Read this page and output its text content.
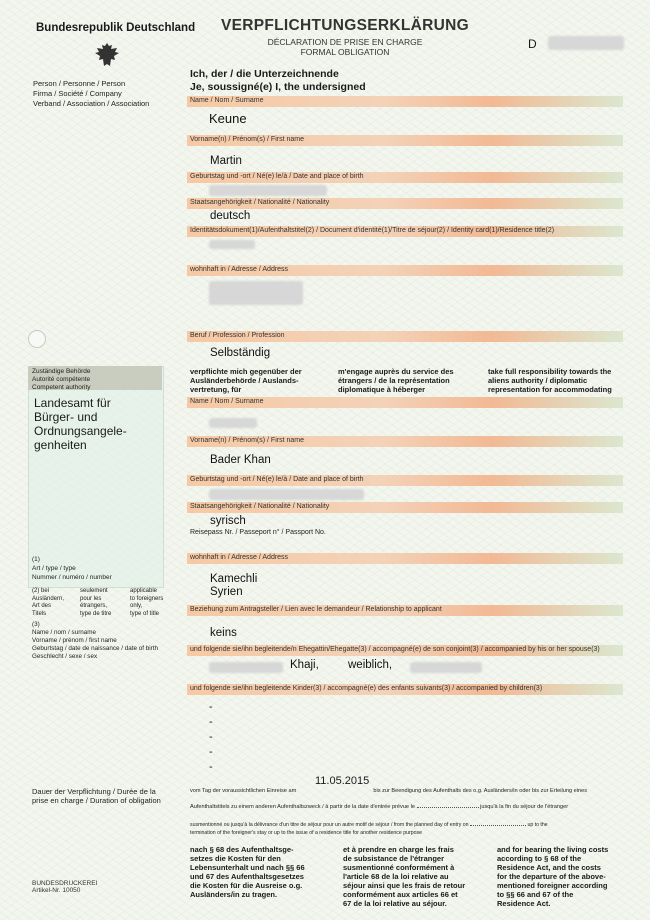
Bundesrepublik Deutschland	VERPFLICHTUNGSERKLÄRUNG
DÉCLARATION DE PRISE EN CHARGE
FORMAL OBLIGATION
D
Person / Personne / Person
Firma / Société / Company
Verband / Association / Association
Ich, der / die Unterzeichnende
Je, soussigné(e) I, the undersigned
Name / Nom / Surname
Keune
Vorname(n) / Prénom(s) / First name
Martin
Geburtstag und -ort / Né(e) le/à / Date and place of birth
Staatsangehörigkeit / Nationalité / Nationality
deutsch
Identitätsdokument(1)/Aufenthaltstitel(2) / Document d'identité(1)/Titre de séjour(2) / Identity card(1)/Residence title(2)
wohnhaft in / Adresse / Address
Beruf / Profession / Profession
Selbständig
Zuständige Behörde
Autorité compétente
Competent authority
Landesamt für
Bürger- und
Ordnungsangele-
genheiten
verpflichte mich gegenüber der
Ausländerbehörde / Auslands-
vertretung, für
m'engage auprès du service des
étrangers / de la représentation
diplomatique à héberger
take full responsibility towards the
aliens authority / diplomatic
representation for accommodating
Name / Nom / Surname
Vorname(n) / Prénom(s) / First name
Bader Khan
Geburtstag und -ort / Né(e) le/à / Date and place of birth
Staatsangehörigkeit / Nationalité / Nationality
syrisch
Reisepass Nr. / Passeport n° / Passport No.
wohnhaft in / Adresse / Address
Kamechli
Syrien
Beziehung zum Antragsteller / Lien avec le demandeur / Relationship to applicant
keins
und folgende sie/ihn begleitende/n Ehegattin/Ehegatte(3) / accompagné(e) de son conjoint(3) / accompanied by his or her spouse(3)
Khaji,	weiblich,
und folgende sie/ihn begleitende Kinder(3) / accompagné(e) des enfants suivants(3) / accompanied by children(3)
-
-
-
-
-
(1)
Art / type / type
Nummer / numéro / number
(2) bei
Ausländern,
Art des
Titels
seulement
pour les
étrangers,
type de titre
applicable
to foreigners
only,
type of title
(3)
Name / nom / surname
Vorname / prénom / first name
Geburtstag / date de naissance / date of birth
Geschlecht / sexe / sex
Dauer der Verpflichtung / Durée de la
prise en charge / Duration of obligation
vom Tag der voraussichtlichen Einreise am	bis zur Beendigung des Aufenthalts des o.g. Ausländers/in oder bis zur Erteilung eines
11.05.2015
Aufenthaltstitels zu einem anderen Aufenthaltszweck / à partir de la date d'entrée prévue le	jusqu'à la fin du séjour de l'étranger
susmentionné ou jusqu'à la délivrance d'un titre de séjour pour un autre motif de séjour / from the planned day of entry on	up to the
termination of the foreigner's stay or up to the issue of a residence title for another residence purpose
nach § 68 des Aufenthaltsge-
setzes die Kosten für den
Lebensunterhalt und nach §§ 66
und 67 des Aufenthaltsgesetzes
die Kosten für die Ausreise o.g.
Ausländers/in zu tragen.
et à prendre en charge les frais
de subsistance de l'étranger
susmentionné conformément à
l'article 68 de la loi relative au
séjour ainsi que les frais de retour
conformément aux articles 66 et
67 de la loi relative au séjour.
and for bearing the living costs
according to § 68 of the
Residence Act, and the costs
for the departure of the above-
mentioned foreigner according
to §§ 66 and 67 of the
Residence Act.
BUNDESDRUCKEREI
Artikel-Nr. 10050
